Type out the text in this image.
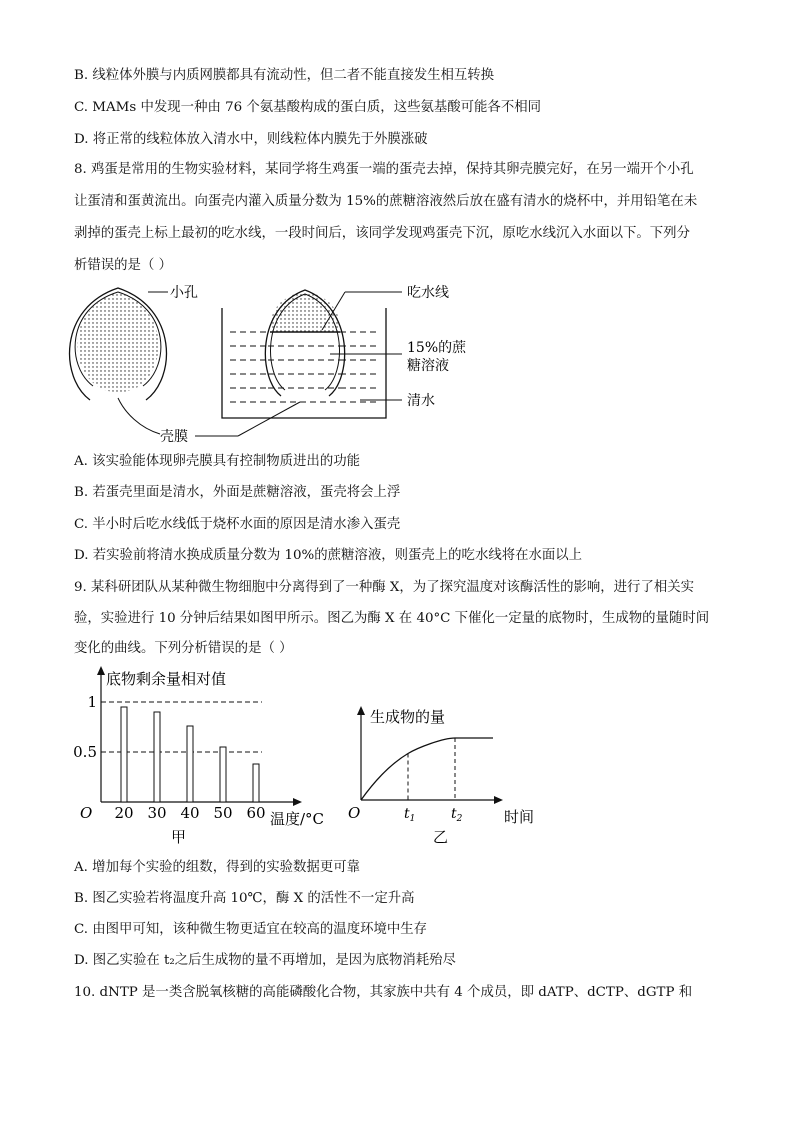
B. 线粒体外膜与内质网膜都具有流动性，但二者不能直接发生相互转换
C. MAMs 中发现一种由 76 个氨基酸构成的蛋白质，这些氨基酸可能各不相同
D. 将正常的线粒体放入清水中，则线粒体内膜先于外膜涨破
8. 鸡蛋是常用的生物实验材料，某同学将生鸡蛋一端的蛋壳去掉，保持其卵壳膜完好，在另一端开个小孔
让蛋清和蛋黄流出。向蛋壳内灌入质量分数为 15%的蔗糖溶液然后放在盛有清水的烧杯中，并用铅笔在未
剥掉的蛋壳上标上最初的吃水线，一段时间后，该同学发现鸡蛋壳下沉，原吃水线沉入水面以下。下列分
析错误的是（ ）
小孔	吃水线
15%的蔗
糖溶液
清水
壳膜
A. 该实验能体现卵壳膜具有控制物质进出的功能
B. 若蛋壳里面是清水，外面是蔗糖溶液，蛋壳将会上浮
C. 半小时后吃水线低于烧杯水面的原因是清水渗入蛋壳
D. 若实验前将清水换成质量分数为 10%的蔗糖溶液，则蛋壳上的吃水线将在水面以上
9. 某科研团队从某种微生物细胞中分离得到了一种酶 X，为了探究温度对该酶活性的影响，进行了相关实
验，实验进行 10 分钟后结果如图甲所示。图乙为酶 X 在 40°C 下催化一定量的底物时，生成物的量随时间
变化的曲线。下列分析错误的是（ ）
底物剩余量相对值
O	温度/°C
甲
1
0.5
20 30 40 50 60
生成物的量
O	时间
乙
$t_1$	$t_2$
A. 增加每个实验的组数，得到的实验数据更可靠
B. 图乙实验若将温度升高 10℃，酶 X 的活性不一定升高
C. 由图甲可知，该种微生物更适宜在较高的温度环境中生存
D. 图乙实验在 t₂之后生成物的量不再增加，是因为底物消耗殆尽
10. dNTP 是一类含脱氧核糖的高能磷酸化合物，其家族中共有 4 个成员，即 dATP、dCTP、dGTP 和
